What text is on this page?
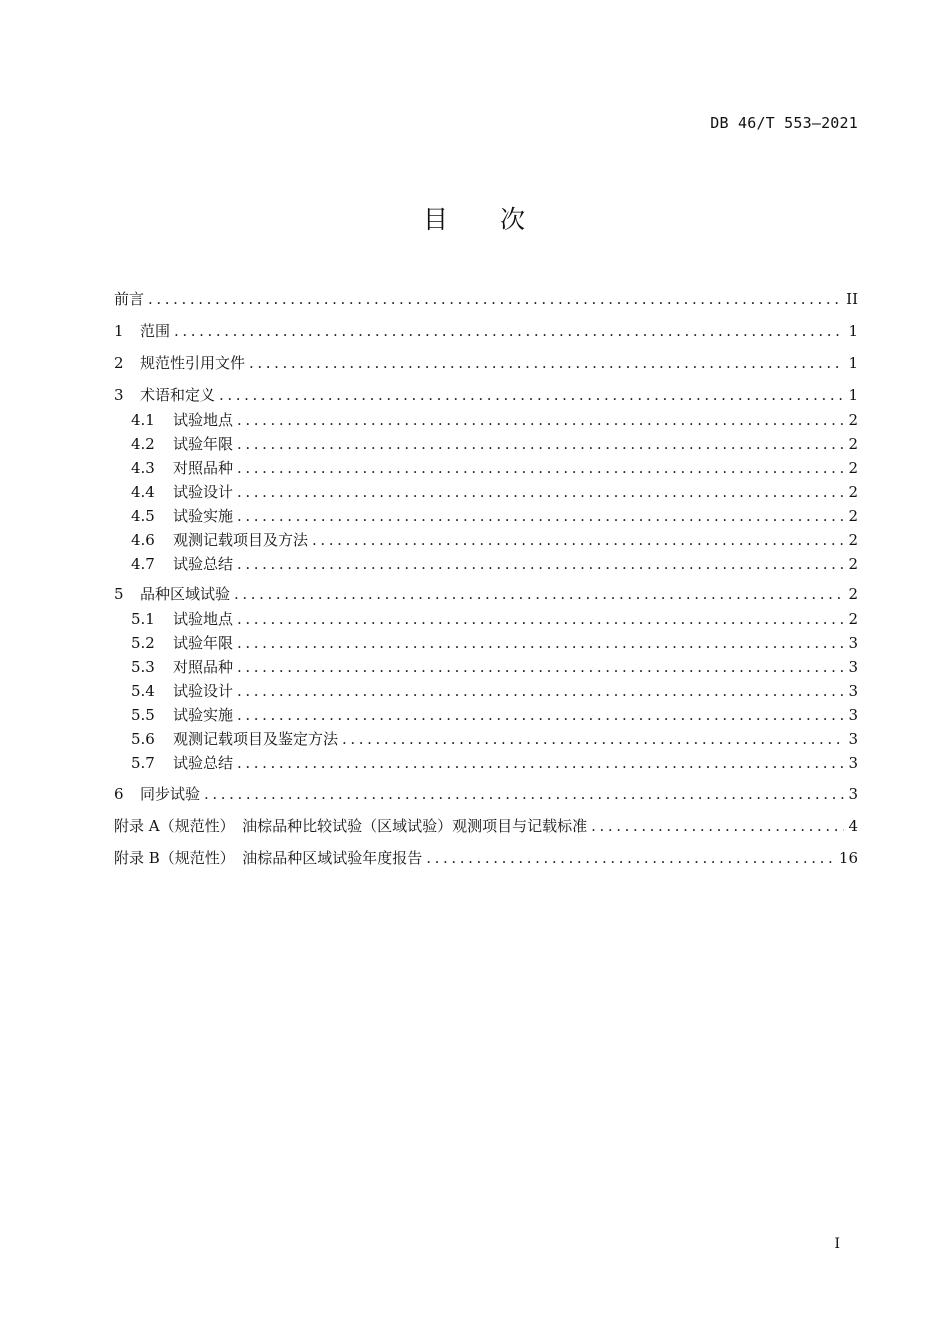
DB 46/T 553—2021
目 次
前言 .....	II
1	范围 .....	1
2	规范性引用文件 .....	1
3	术语和定义 .....	1
4.1	试验地点 .....	2
4.2	试验年限 .....	2
4.3	对照品种 .....	2
4.4	试验设计 .....	2
4.5	试验实施 .....	2
4.6	观测记载项目及方法 .....	2
4.7	试验总结 .....	2
5	品种区域试验 .....	2
5.1	试验地点 .....	2
5.2	试验年限 .....	3
5.3	对照品种 .....	3
5.4	试验设计 .....	3
5.5	试验实施 .....	3
5.6	观测记载项目及鉴定方法 .....	3
5.7	试验总结 .....	3
6	同步试验 .....	3
附录 A（规范性）　油棕品种比较试验（区域试验）观测项目与记载标准 .....	4
附录 B（规范性）　油棕品种区域试验年度报告 .....	16
I
